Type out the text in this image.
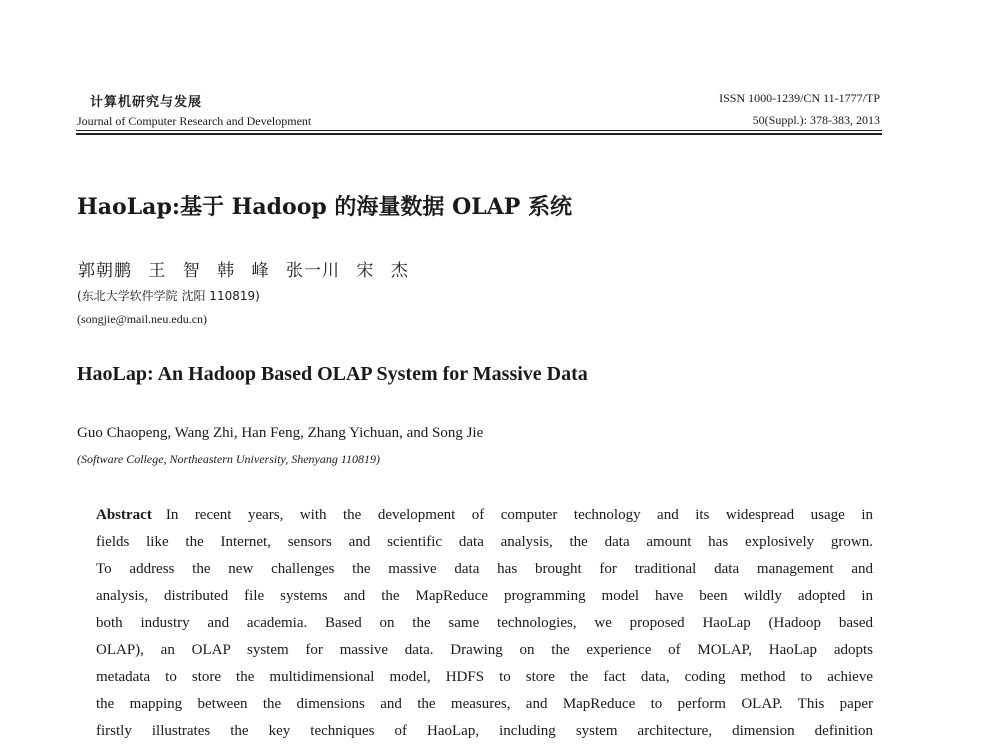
计算机研究与发展
Journal of Computer Research and Development
ISSN 1000-1239/CN 11-1777/TP
50(Suppl.): 378-383, 2013
HaoLap:基于 Hadoop 的海量数据 OLAP 系统
郭朝鹏 王 智 韩 峰 张一川 宋 杰
(东北大学软件学院 沈阳 110819)
(songjie@mail.neu.edu.cn)
HaoLap: An Hadoop Based OLAP System for Massive Data
Guo Chaopeng, Wang Zhi, Han Feng, Zhang Yichuan, and Song Jie
(Software College, Northeastern University, Shenyang 110819)
Abstract In recent years, with the development of computer technology and its widespread usage in
fields like the Internet, sensors and scientific data analysis, the data amount has explosively grown.
To address the new challenges the massive data has brought for traditional data management and
analysis, distributed file systems and the MapReduce programming model have been wildly adopted in
both industry and academia. Based on the same technologies, we proposed HaoLap (Hadoop based
OLAP), an OLAP system for massive data. Drawing on the experience of MOLAP, HaoLap adopts
metadata to store the multidimensional model, HDFS to store the fact data, coding method to achieve
the mapping between the dimensions and the measures, and MapReduce to perform OLAP. This paper
firstly illustrates the key techniques of HaoLap, including system architecture, dimension definition
